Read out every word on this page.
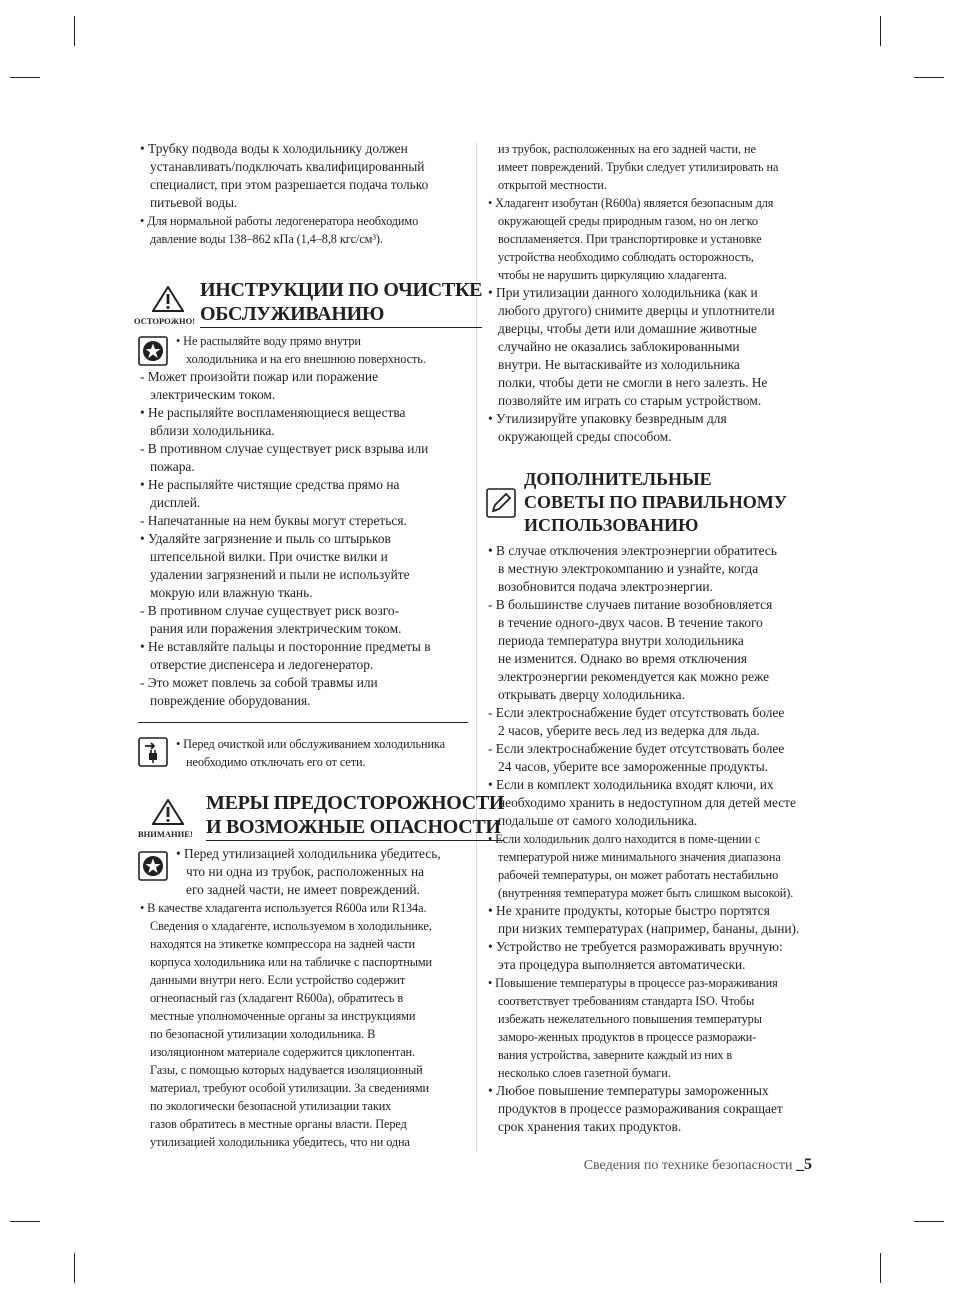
• Трубку подвода воды к холодильнику должен
устанавливать/подключать квалифицированный
специалист, при этом разрешается подача только
питьевой воды.
• Для нормальной работы ледогенератора необходимо
давление воды 138–862 кПа (1,4–8,8 кгс/см³).
ОСТОРОЖНО!
ИНСТРУКЦИИ ПО ОЧИСТКЕ
ОБСЛУЖИВАНИЮ
• Не распыляйте воду прямо внутри
холодильника и на его внешнюю поверхность.
- Может произойти пожар или поражение
электрическим током.
• Не распыляйте воспламеняющиеся вещества
вблизи холодильника.
- В противном случае существует риск взрыва или
пожара.
• Не распыляйте чистящие средства прямо на
дисплей.
- Напечатанные на нем буквы могут стереться.
• Удаляйте загрязнение и пыль со штырьков
штепсельной вилки. При очистке вилки и
удалении загрязнений и пыли не используйте
мокрую или влажную ткань.
- В противном случае существует риск возго-
рания или поражения электрическим током.
• Не вставляйте пальцы и посторонние предметы в
отверстие диспенсера и ледогенератор.
- Это может повлечь за собой травмы или
повреждение оборудования.
• Перед очисткой или обслуживанием холодильника
необходимо отключать его от сети.
ВНИМАНИЕ!
МЕРЫ ПРЕДОСТОРОЖНОСТИ
И ВОЗМОЖНЫЕ ОПАСНОСТИ
• Перед утилизацией холодильника убедитесь,
что ни одна из трубок, расположенных на
его задней части, не имеет повреждений.
• В качестве хладагента используется R600a или R134a.
Сведения о хладагенте, используемом в холодильнике,
находятся на этикетке компрессора на задней части
корпуса холодильника или на табличке с паспортными
данными внутри него. Если устройство содержит
огнеопасный газ (хладагент R600a), обратитесь в
местные уполномоченные органы за инструкциями
по безопасной утилизации холодильника. В
изоляционном материале содержится циклопентан.
Газы, с помощью которых надувается изоляционный
материал, требуют особой утилизации. За сведениями
по экологически безопасной утилизации таких
газов обратитесь в местные органы власти. Перед
утилизацией холодильника убедитесь, что ни одна
из трубок, расположенных на его задней части, не
имеет повреждений. Трубки следует утилизировать на
открытой местности.
• Хладагент изобутан (R600a) является безопасным для
окружающей среды природным газом, но он легко
воспламеняется. При транспортировке и установке
устройства необходимо соблюдать осторожность,
чтобы не нарушить циркуляцию хладагента.
• При утилизации данного холодильника (как и
любого другого) снимите дверцы и уплотнители
дверцы, чтобы дети или домашние животные
случайно не оказались заблокированными
внутри. Не вытаскивайте из холодильника
полки, чтобы дети не смогли в него залезть. Не
позволяйте им играть со старым устройством.
• Утилизируйте упаковку безвредным для
окружающей среды способом.
ДОПОЛНИТЕЛЬНЫЕ
СОВЕТЫ ПО ПРАВИЛЬНОМУ
ИСПОЛЬЗОВАНИЮ
• В случае отключения электроэнергии обратитесь
в местную электрокомпанию и узнайте, когда
возобновится подача электроэнергии.
- В большинстве случаев питание возобновляется
в течение одного-двух часов. В течение такого
периода температура внутри холодильника
не изменится. Однако во время отключения
электроэнергии рекомендуется как можно реже
открывать дверцу холодильника.
- Если электроснабжение будет отсутствовать более
2 часов, уберите весь лед из ведерка для льда.
- Если электроснабжение будет отсутствовать более
24 часов, уберите все замороженные продукты.
• Если в комплект холодильника входят ключи, их
необходимо хранить в недоступном для детей месте
подальше от самого холодильника.
• Если холодильник долго находится в поме-щении с
температурой ниже минимального значения диапазона
рабочей температуры, он может работать нестабильно
(внутренняя температура может быть слишком высокой).
• Не храните продукты, которые быстро портятся
при низких температурах (например, бананы, дыни).
• Устройство не требуется размораживать вручную:
эта процедура выполняется автоматически.
• Повышение температуры в процессе раз-мораживания
соответствует требованиям стандарта ISO. Чтобы
избежать нежелательного повышения температуры
заморо-женных продуктов в процессе разморажи-
вания устройства, заверните каждый из них в
несколько слоев газетной бумаги.
• Любое повышение температуры замороженных
продуктов в процессе размораживания сокращает
срок хранения таких продуктов.
Сведения по технике безопасности _5
